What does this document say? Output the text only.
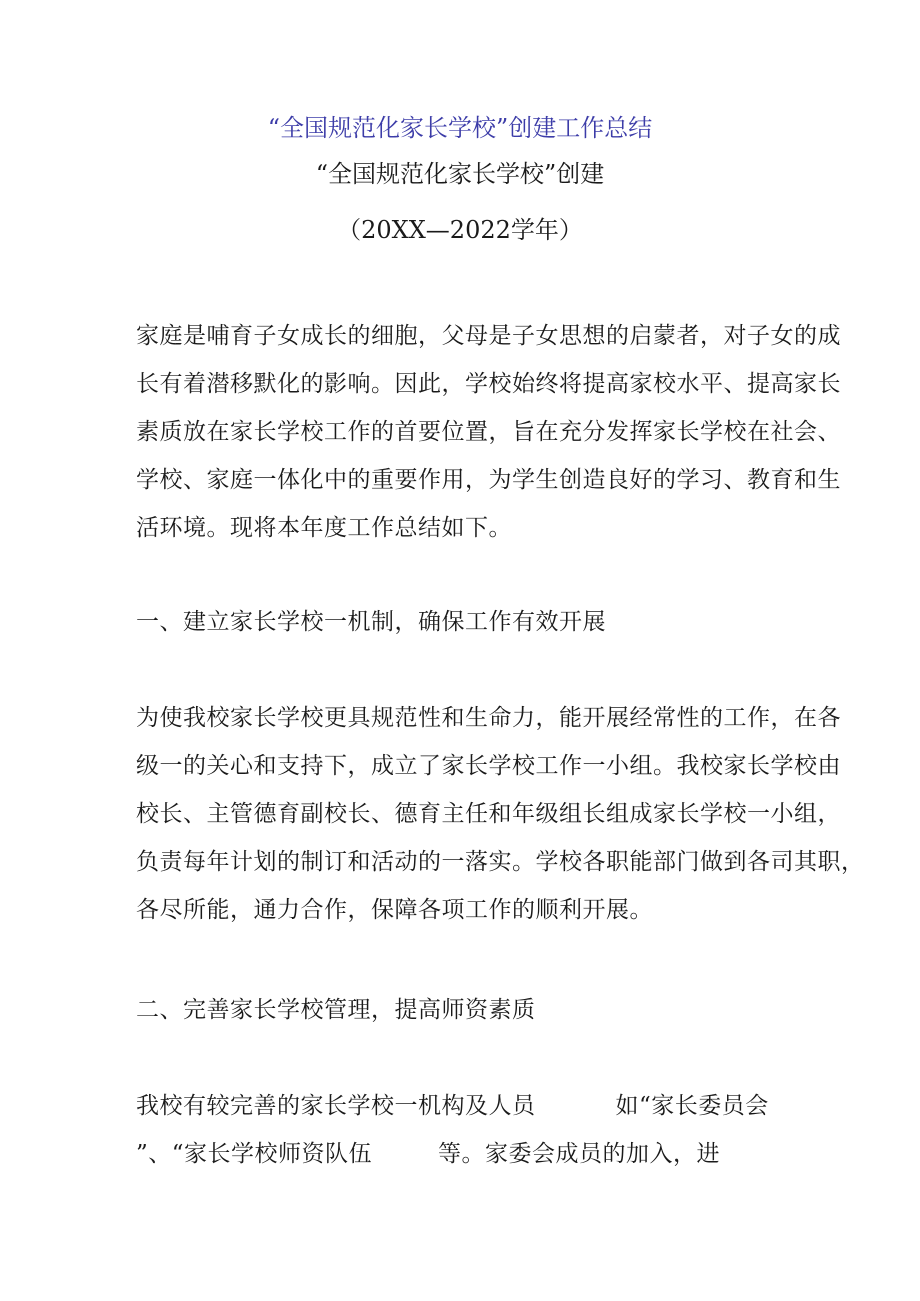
“全国规范化家长学校”创建工作总结

“全国规范化家长学校”创建

（20XX—2022学年）

家庭是哺育子女成长的细胞，父母是子女思想的启蒙者，对子女的成
长有着潜移默化的影响。因此，学校始终将提高家校水平、提高家长
素质放在家长学校工作的首要位置，旨在充分发挥家长学校在社会、
学校、家庭一体化中的重要作用，为学生创造良好的学习、教育和生
活环境。现将本年度工作总结如下。

一、建立家长学校一机制，确保工作有效开展

为使我校家长学校更具规范性和生命力，能开展经常性的工作，在各
级一的关心和支持下，成立了家长学校工作一小组。我校家长学校由
校长、主管德育副校长、德育主任和年级组长组成家长学校一小组，
负责每年计划的制订和活动的一落实。学校各职能部门做到各司其职，
各尽所能，通力合作，保障各项工作的顺利开展。

二、完善家长学校管理，提高师资素质

我校有较完善的家长学校一机构及人员	如“家长委员会
”、“家长学校师资队伍	等。家委会成员的加入，进
